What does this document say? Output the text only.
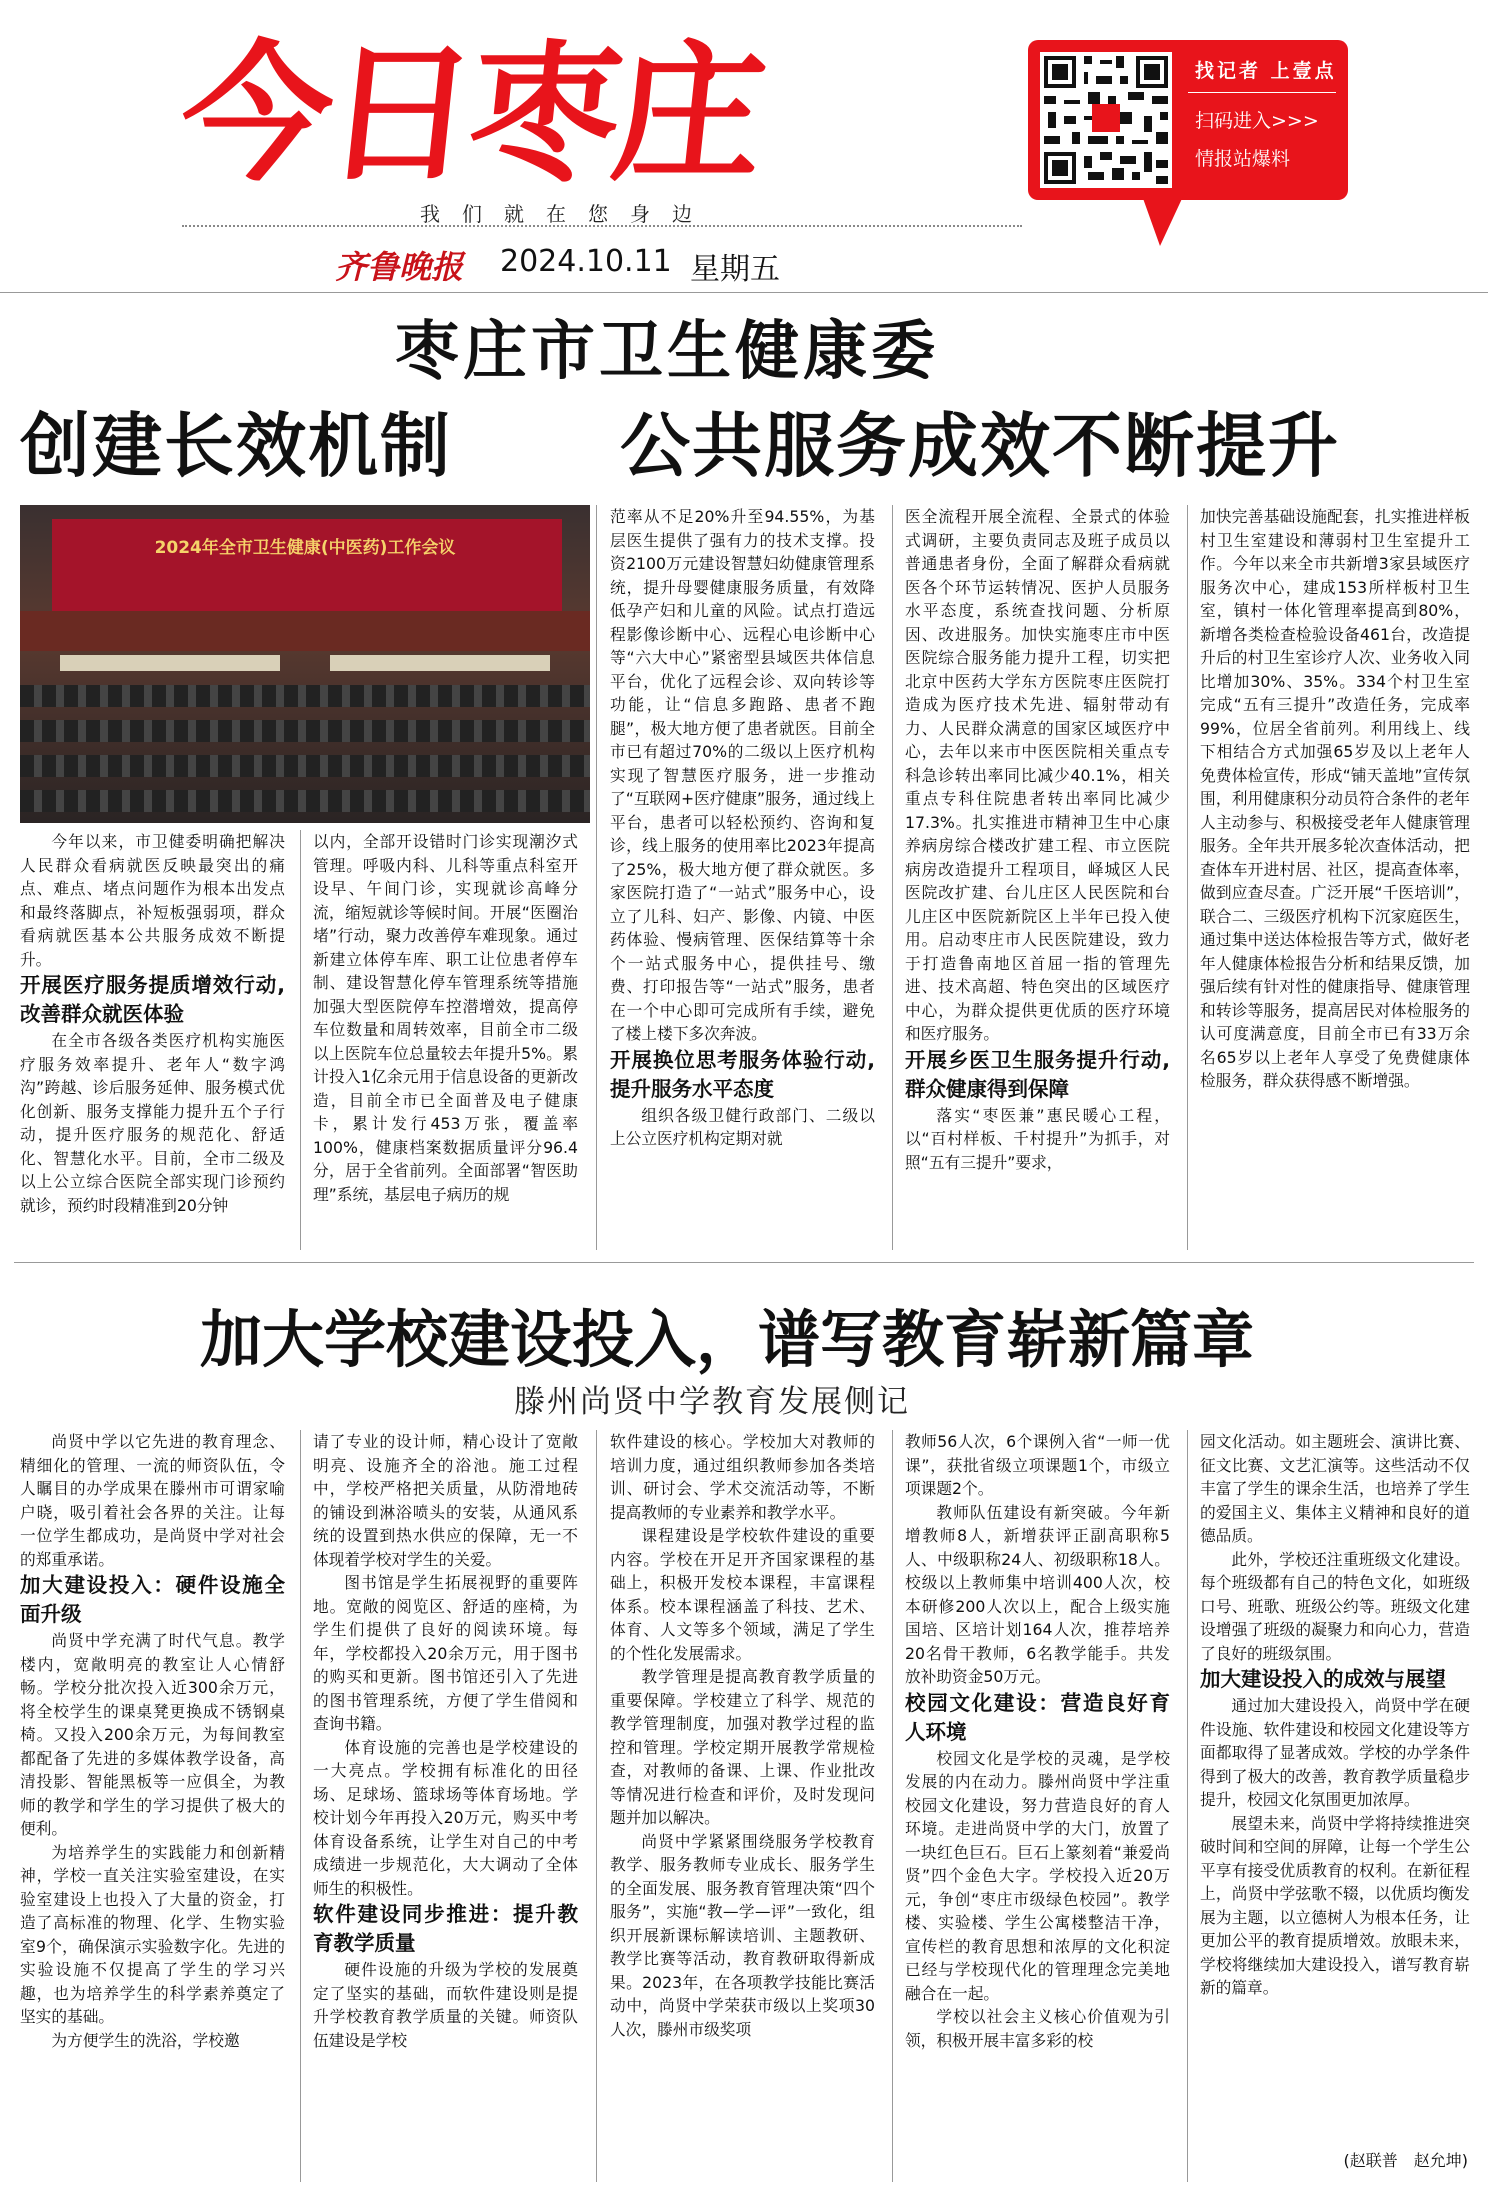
今日枣庄
我们就在您身边
齐鲁晚报 2024.10.11 星期五
找记者 上壹点
扫码进入>>>
情报站爆料
枣庄市卫生健康委
创建长效机制 公共服务成效不断提升
2024年全市卫生健康(中医药)工作会议

今年以来，市卫健委明确把解决人民群众看病就医反映最突出的痛点、难点、堵点问题作为根本出发点和最终落脚点，补短板强弱项，群众看病就医基本公共服务成效不断提升。

开展医疗服务提质增效行动,改善群众就医体验

在全市各级各类医疗机构实施医疗服务效率提升、老年人“数字鸿沟”跨越、诊后服务延伸、服务模式优化创新、服务支撑能力提升五个子行动，提升医疗服务的规范化、舒适化、智慧化水平。目前，全市二级及以上公立综合医院全部实现门诊预约就诊，预约时段精准到20分钟

以内，全部开设错时门诊实现潮汐式管理。呼吸内科、儿科等重点科室开设早、午间门诊，实现就诊高峰分流，缩短就诊等候时间。开展“医圈治堵”行动，聚力改善停车难现象。通过新建立体停车库、职工让位患者停车制、建设智慧化停车管理系统等措施加强大型医院停车控潜增效，提高停车位数量和周转效率，目前全市二级以上医院车位总量较去年提升5%。累计投入1亿余元用于信息设备的更新改造，目前全市已全面普及电子健康卡，累计发行453万张，覆盖率100%，健康档案数据质量评分96.4分，居于全省前列。全面部署“智医助理”系统，基层电子病历的规

范率从不足20%升至94.55%，为基层医生提供了强有力的技术支撑。投资2100万元建设智慧妇幼健康管理系统，提升母婴健康服务质量，有效降低孕产妇和儿童的风险。试点打造远程影像诊断中心、远程心电诊断中心等“六大中心”紧密型县域医共体信息平台，优化了远程会诊、双向转诊等功能，让“信息多跑路、患者不跑腿”，极大地方便了患者就医。目前全市已有超过70%的二级以上医疗机构实现了智慧医疗服务，进一步推动了“互联网+医疗健康”服务，通过线上平台，患者可以轻松预约、咨询和复诊，线上服务的使用率比2023年提高了25%，极大地方便了群众就医。多家医院打造了“一站式”服务中心，设立了儿科、妇产、影像、内镜、中医药体验、慢病管理、医保结算等十余个一站式服务中心，提供挂号、缴费、打印报告等“一站式”服务，患者在一个中心即可完成所有手续，避免了楼上楼下多次奔波。

开展换位思考服务体验行动,提升服务水平态度

组织各级卫健行政部门、二级以上公立医疗机构定期对就

医全流程开展全流程、全景式的体验式调研，主要负责同志及班子成员以普通患者身份，全面了解群众看病就医各个环节运转情况、医护人员服务水平态度，系统查找问题、分析原因、改进服务。加快实施枣庄市中医医院综合服务能力提升工程，切实把北京中医药大学东方医院枣庄医院打造成为医疗技术先进、辐射带动有力、人民群众满意的国家区域医疗中心，去年以来市中医医院相关重点专科急诊转出率同比减少40.1%，相关重点专科住院患者转出率同比减少17.3%。扎实推进市精神卫生中心康养病房综合楼改扩建工程、市立医院病房改造提升工程项目，峄城区人民医院改扩建、台儿庄区人民医院和台儿庄区中医院新院区上半年已投入使用。启动枣庄市人民医院建设，致力于打造鲁南地区首屈一指的管理先进、技术高超、特色突出的区域医疗中心，为群众提供更优质的医疗环境和医疗服务。

开展乡医卫生服务提升行动,群众健康得到保障

落实“枣医兼”惠民暖心工程，以“百村样板、千村提升”为抓手，对照“五有三提升”要求，

加快完善基础设施配套，扎实推进样板村卫生室建设和薄弱村卫生室提升工作。今年以来全市共新增3家县域医疗服务次中心，建成153所样板村卫生室，镇村一体化管理率提高到80%，新增各类检查检验设备461台，改造提升后的村卫生室诊疗人次、业务收入同比增加30%、35%。334个村卫生室完成“五有三提升”改造任务，完成率99%，位居全省前列。利用线上、线下相结合方式加强65岁及以上老年人免费体检宣传，形成“铺天盖地”宣传氛围，利用健康积分动员符合条件的老年人主动参与、积极接受老年人健康管理服务。全年共开展多轮次查体活动，把查体车开进村居、社区，提高查体率，做到应查尽查。广泛开展“千医培训”，联合二、三级医疗机构下沉家庭医生，通过集中送达体检报告等方式，做好老年人健康体检报告分析和结果反馈，加强后续有针对性的健康指导、健康管理和转诊等服务，提高居民对体检服务的认可度满意度，目前全市已有33万余名65岁以上老年人享受了免费健康体检服务，群众获得感不断增强。

加大学校建设投入，谱写教育崭新篇章
滕州尚贤中学教育发展侧记

尚贤中学以它先进的教育理念、精细化的管理、一流的师资队伍，令人瞩目的办学成果在滕州市可谓家喻户晓，吸引着社会各界的关注。让每一位学生都成功，是尚贤中学对社会的郑重承诺。

加大建设投入：硬件设施全面升级

尚贤中学充满了时代气息。教学楼内，宽敞明亮的教室让人心情舒畅。学校分批次投入近300余万元，将全校学生的课桌凳更换成不锈钢桌椅。又投入200余万元，为每间教室都配备了先进的多媒体教学设备，高清投影、智能黑板等一应俱全，为教师的教学和学生的学习提供了极大的便利。

为培养学生的实践能力和创新精神，学校一直关注实验室建设，在实验室建设上也投入了大量的资金，打造了高标准的物理、化学、生物实验室9个，确保演示实验数字化。先进的实验设施不仅提高了学生的学习兴趣，也为培养学生的科学素养奠定了坚实的基础。

为方便学生的洗浴，学校邀

请了专业的设计师，精心设计了宽敞明亮、设施齐全的浴池。施工过程中，学校严格把关质量，从防滑地砖的铺设到淋浴喷头的安装，从通风系统的设置到热水供应的保障，无一不体现着学校对学生的关爱。

图书馆是学生拓展视野的重要阵地。宽敞的阅览区、舒适的座椅，为学生们提供了良好的阅读环境。每年，学校都投入20余万元，用于图书的购买和更新。图书馆还引入了先进的图书管理系统，方便了学生借阅和查询书籍。

体育设施的完善也是学校建设的一大亮点。学校拥有标准化的田径场、足球场、篮球场等体育场地。学校计划今年再投入20万元，购买中考体育设备系统，让学生对自己的中考成绩进一步规范化，大大调动了全体师生的积极性。

软件建设同步推进：提升教育教学质量

硬件设施的升级为学校的发展奠定了坚实的基础，而软件建设则是提升学校教育教学质量的关键。师资队伍建设是学校

软件建设的核心。学校加大对教师的培训力度，通过组织教师参加各类培训、研讨会、学术交流活动等，不断提高教师的专业素养和教学水平。

课程建设是学校软件建设的重要内容。学校在开足开齐国家课程的基础上，积极开发校本课程，丰富课程体系。校本课程涵盖了科技、艺术、体育、人文等多个领域，满足了学生的个性化发展需求。

教学管理是提高教育教学质量的重要保障。学校建立了科学、规范的教学管理制度，加强对教学过程的监控和管理。学校定期开展教学常规检查，对教师的备课、上课、作业批改等情况进行检查和评价，及时发现问题并加以解决。

尚贤中学紧紧围绕服务学校教育教学、服务教师专业成长、服务学生的全面发展、服务教育管理决策“四个服务”，实施“教—学—评”一致化，组织开展新课标解读培训、主题教研、教学比赛等活动，教育教研取得新成果。2023年，在各项教学技能比赛活动中，尚贤中学荣获市级以上奖项30人次，滕州市级奖项

教师56人次，6个课例入省“一师一优课”，获批省级立项课题1个，市级立项课题2个。

教师队伍建设有新突破。今年新增教师8人，新增获评正副高职称5人、中级职称24人、初级职称18人。校级以上教师集中培训400人次，校本研修200人次以上，配合上级实施国培、区培计划164人次，推荐培养20名骨干教师，6名教学能手。共发放补助资金50万元。

校园文化建设：营造良好育人环境

校园文化是学校的灵魂，是学校发展的内在动力。滕州尚贤中学注重校园文化建设，努力营造良好的育人环境。走进尚贤中学的大门，放置了一块红色巨石。巨石上篆刻着“兼爱尚贤”四个金色大字。学校投入近20万元，争创“枣庄市级绿色校园”。教学楼、实验楼、学生公寓楼整洁干净，宣传栏的教育思想和浓厚的文化积淀已经与学校现代化的管理理念完美地融合在一起。

学校以社会主义核心价值观为引领，积极开展丰富多彩的校

园文化活动。如主题班会、演讲比赛、征文比赛、文艺汇演等。这些活动不仅丰富了学生的课余生活，也培养了学生的爱国主义、集体主义精神和良好的道德品质。

此外，学校还注重班级文化建设。每个班级都有自己的特色文化，如班级口号、班歌、班级公约等。班级文化建设增强了班级的凝聚力和向心力，营造了良好的班级氛围。

加大建设投入的成效与展望

通过加大建设投入，尚贤中学在硬件设施、软件建设和校园文化建设等方面都取得了显著成效。学校的办学条件得到了极大的改善，教育教学质量稳步提升，校园文化氛围更加浓厚。

展望未来，尚贤中学将持续推进突破时间和空间的屏障，让每一个学生公平享有接受优质教育的权利。在新征程上，尚贤中学弦歌不辍，以优质均衡发展为主题，以立德树人为根本任务，让更加公平的教育提质增效。放眼未来，学校将继续加大建设投入，谱写教育崭新的篇章。

(赵联普　赵允坤)
